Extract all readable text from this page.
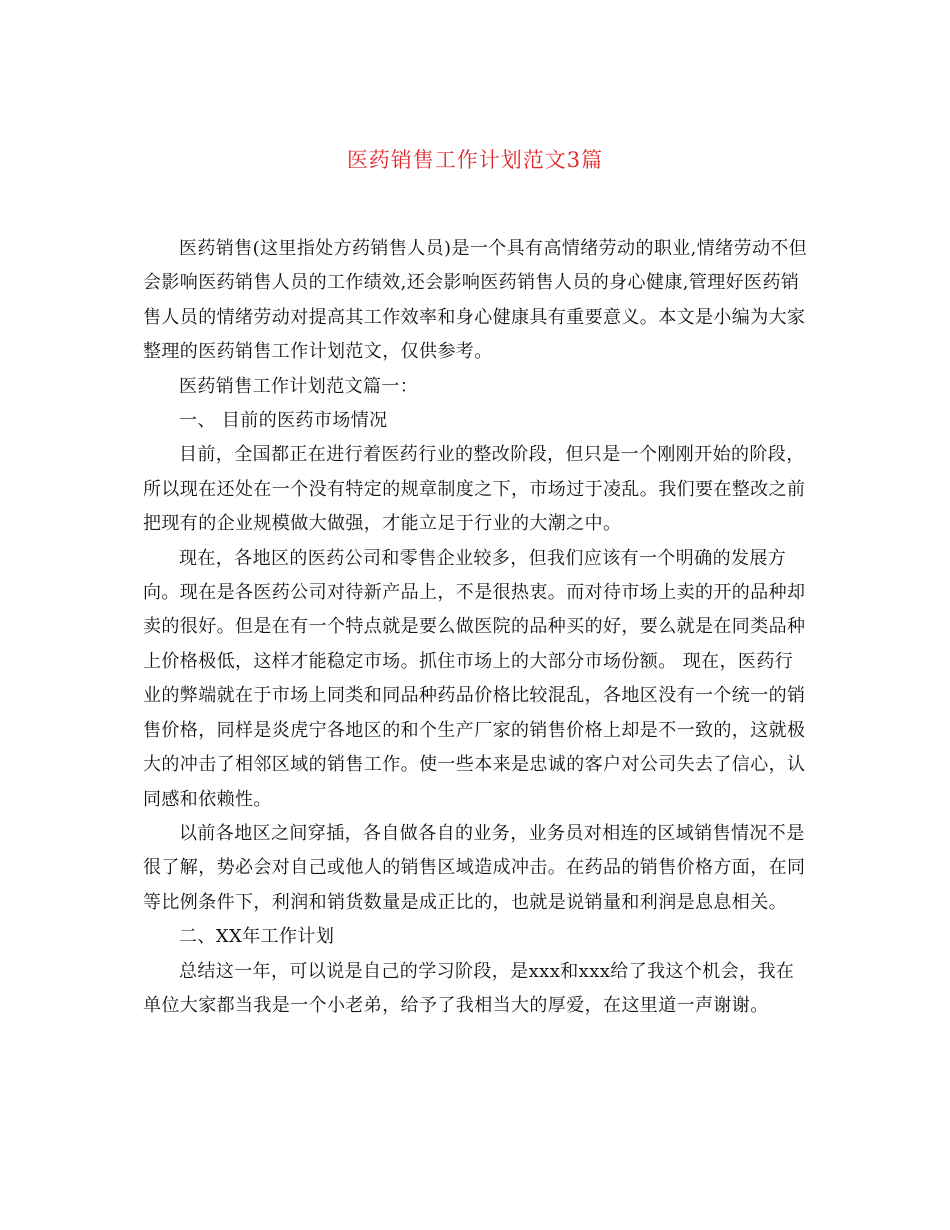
医药销售工作计划范文3篇

医药销售(这里指处方药销售人员)是一个具有高情绪劳动的职业,情绪劳动不但会影响医药销售人员的工作绩效,还会影响医药销售人员的身心健康,管理好医药销售人员的情绪劳动对提高其工作效率和身心健康具有重要意义。本文是小编为大家整理的医药销售工作计划范文，仅供参考。

医药销售工作计划范文篇一：

一、 目前的医药市场情况

目前，全国都正在进行着医药行业的整改阶段，但只是一个刚刚开始的阶段，所以现在还处在一个没有特定的规章制度之下，市场过于凌乱。我们要在整改之前把现有的企业规模做大做强，才能立足于行业的大潮之中。

现在，各地区的医药公司和零售企业较多，但我们应该有一个明确的发展方向。现在是各医药公司对待新产品上，不是很热衷。而对待市场上卖的开的品种却卖的很好。但是在有一个特点就是要么做医院的品种买的好，要么就是在同类品种上价格极低，这样才能稳定市场。抓住市场上的大部分市场份额。 现在，医药行业的弊端就在于市场上同类和同品种药品价格比较混乱，各地区没有一个统一的销售价格，同样是炎虎宁各地区的和个生产厂家的销售价格上却是不一致的，这就极大的冲击了相邻区域的销售工作。使一些本来是忠诚的客户对公司失去了信心，认同感和依赖性。

以前各地区之间穿插，各自做各自的业务，业务员对相连的区域销售情况不是很了解，势必会对自己或他人的销售区域造成冲击。在药品的销售价格方面，在同等比例条件下，利润和销货数量是成正比的，也就是说销量和利润是息息相关。

二、XX年工作计划

总结这一年，可以说是自己的学习阶段，是xxx和xxx给了我这个机会，我在单位大家都当我是一个小老弟，给予了我相当大的厚爱，在这里道一声谢谢。
